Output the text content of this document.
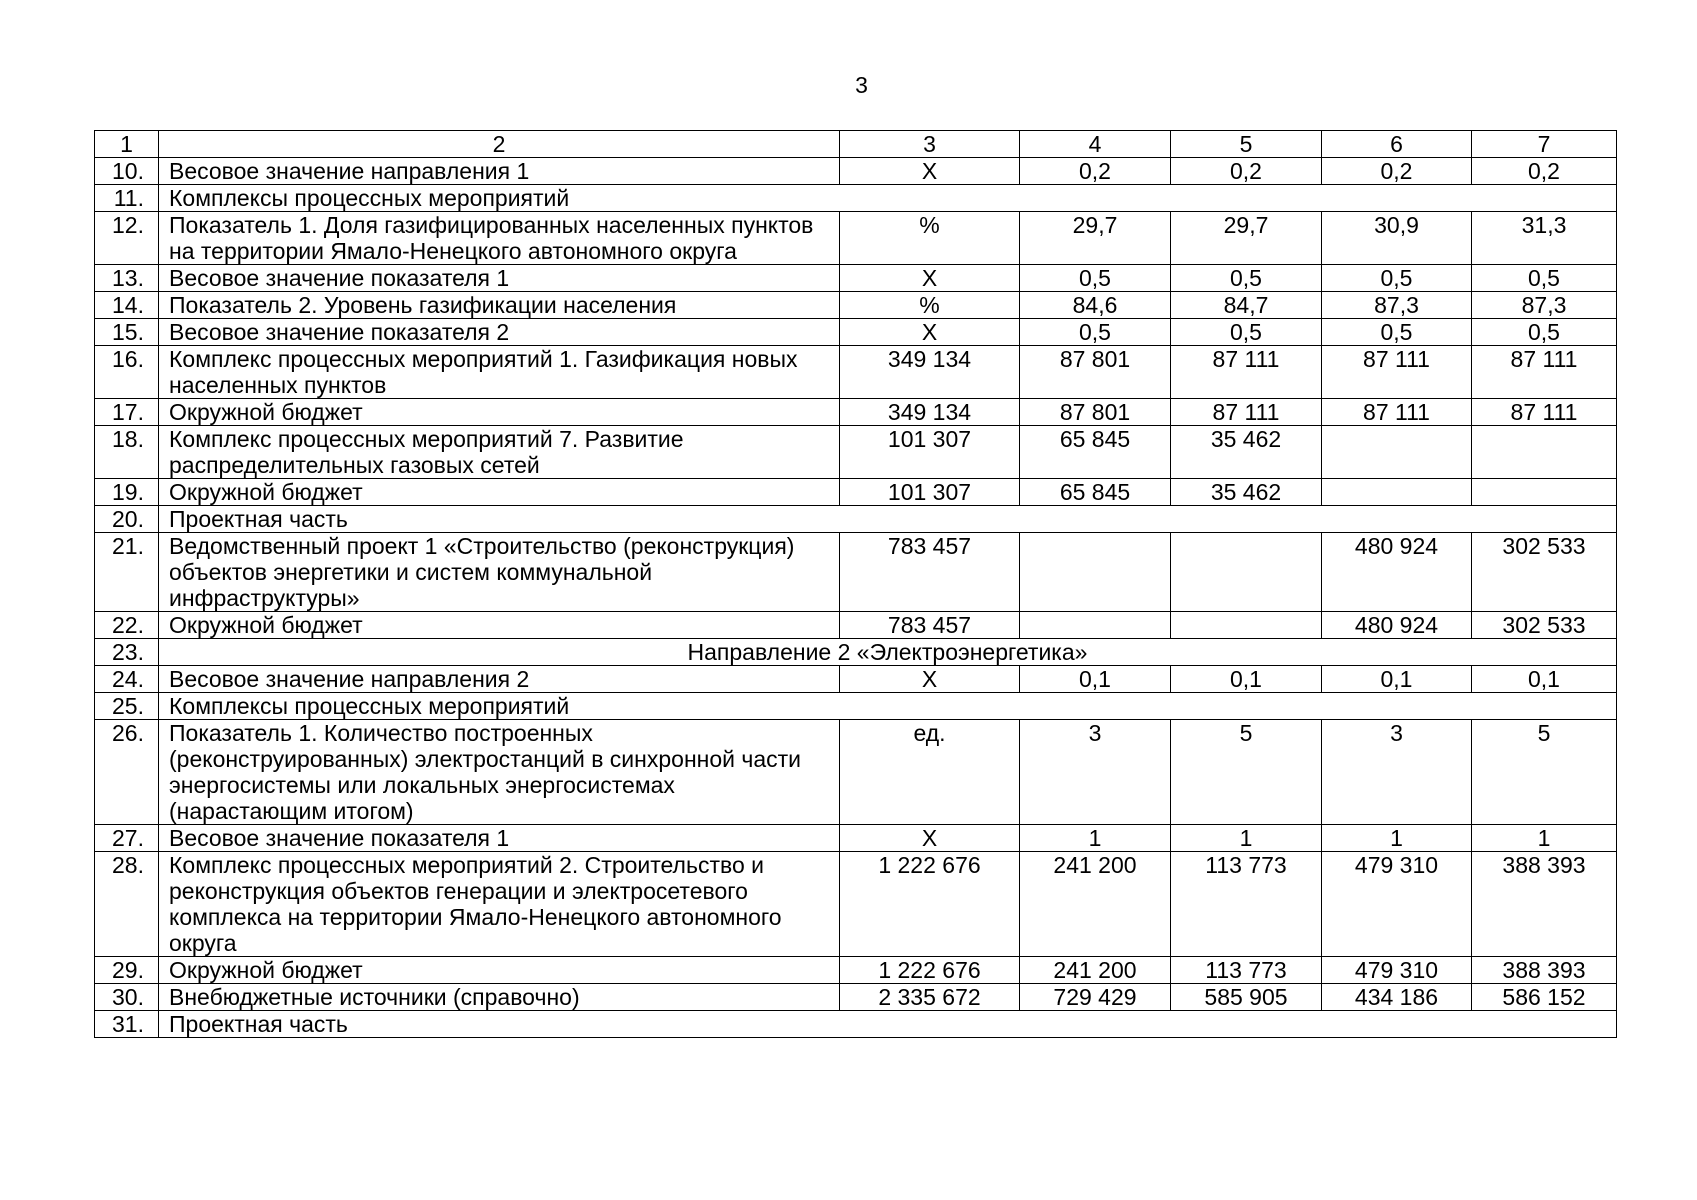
3
1	2	3	4	5	6	7
10.	Весовое значение направления 1	Х	0,2	0,2	0,2	0,2
11.	Комплексы процессных мероприятий					
12.	Показатель 1. Доля газифицированных населенных пунктов на территории Ямало-Ненецкого автономного округа	%	29,7	29,7	30,9	31,3
13.	Весовое значение показателя 1	Х	0,5	0,5	0,5	0,5
14.	Показатель 2. Уровень газификации населения	%	84,6	84,7	87,3	87,3
15.	Весовое значение показателя 2	Х	0,5	0,5	0,5	0,5
16.	Комплекс процессных мероприятий 1. Газификация новых населенных пунктов	349 134	87 801	87 111	87 111	87 111
17.	Окружной бюджет	349 134	87 801	87 111	87 111	87 111
18.	Комплекс процессных мероприятий 7. Развитие распределительных газовых сетей	101 307	65 845	35 462		
19.	Окружной бюджет	101 307	65 845	35 462		
20.	Проектная часть					
21.	Ведомственный проект 1 «Строительство (реконструкция) объектов энергетики и систем коммунальной инфраструктуры»	783 457			480 924	302 533
22.	Окружной бюджет	783 457			480 924	302 533
23.	Направление 2 «Электроэнергетика»					
24.	Весовое значение направления 2	Х	0,1	0,1	0,1	0,1
25.	Комплексы процессных мероприятий					
26.	Показатель 1. Количество построенных (реконструированных) электростанций в синхронной части энергосистемы или локальных энергосистемах (нарастающим итогом)	ед.	3	5	3	5
27.	Весовое значение показателя 1	Х	1	1	1	1
28.	Комплекс процессных мероприятий 2. Строительство и реконструкция объектов генерации и электросетевого комплекса на территории Ямало-Ненецкого автономного округа	1 222 676	241 200	113 773	479 310	388 393
29.	Окружной бюджет	1 222 676	241 200	113 773	479 310	388 393
30.	Внебюджетные источники (справочно)	2 335 672	729 429	585 905	434 186	586 152
31.	Проектная часть					
